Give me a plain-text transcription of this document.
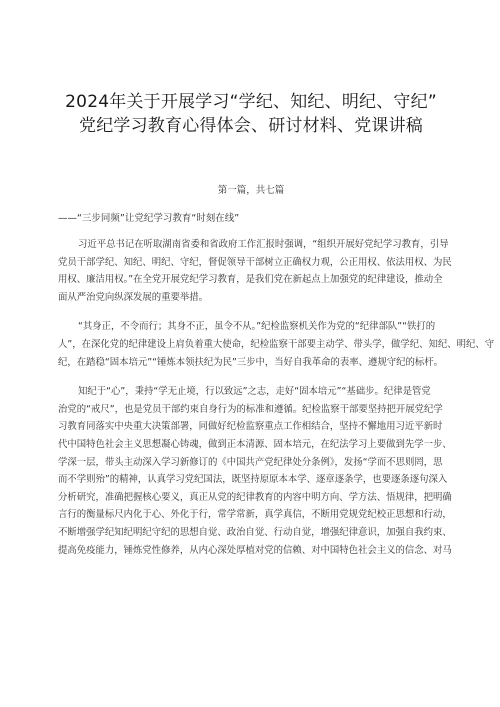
2024年关于开展学习“学纪、知纪、明纪、守纪”
党纪学习教育心得体会、研讨材料、党课讲稿
第一篇，共七篇
——“三步同频”让党纪学习教育“时刻在线”

习近平总书记在听取湖南省委和省政府工作汇报时强调，“组织开展好党纪学习教育，引导
党员干部学纪、知纪、明纪、守纪，督促领导干部树立正确权力观，公正用权、依法用权、为民
用权、廉洁用权。”在全党开展党纪学习教育，是我们党在新起点上加强党的纪律建设，推动全
面从严治党向纵深发展的重要举措。

“其身正，不令而行；其身不正，虽令不从。”纪检监察机关作为党的“纪律部队”“铁打的
人”，在深化党的纪律建设上肩负着重大使命，纪检监察干部要主动学、带头学，做学纪、知纪、明纪、守
纪，在踏稳“固本培元”“锤炼本领扶纪为民”三步中，当好自我革命的表率、遵规守纪的标杆。

知纪于“心”，秉持“学无止境，行以致远”之志，走好“固本培元”“基础步。纪律是管党
治党的“戒尺”，也是党员干部约束自身行为的标准和遵循。纪检监察干部要坚持把开展党纪学
习教育同落实中央重大决策部署，同做好纪检监察重点工作相结合，坚持不懈地用习近平新时
代中国特色社会主义思想凝心铸魂，做到正本清源、固本培元，在纪法学习上要做到先学一步、
学深一层，带头主动深入学习新修订的《中国共产党纪律处分条例》，发扬“学而不思则罔，思
而不学则殆”的精神，认真学习党纪国法，既坚持原原本本学、逐章逐条学，也要逐条逐句深入
分析研究，准确把握核心要义，真正从党的纪律教育的内容中明方向、学方法、悟规律，把明确
言行的衡量标尺内化于心、外化于行，常学常新，真学真信，不断用党规党纪校正思想和行动，
不断增强学纪知纪明纪守纪的思想自觉、政治自觉、行动自觉，增强纪律意识，加强自我约束、
提高免疫能力，锤炼党性修养，从内心深处厚植对党的信赖、对中国特色社会主义的信念、对马
